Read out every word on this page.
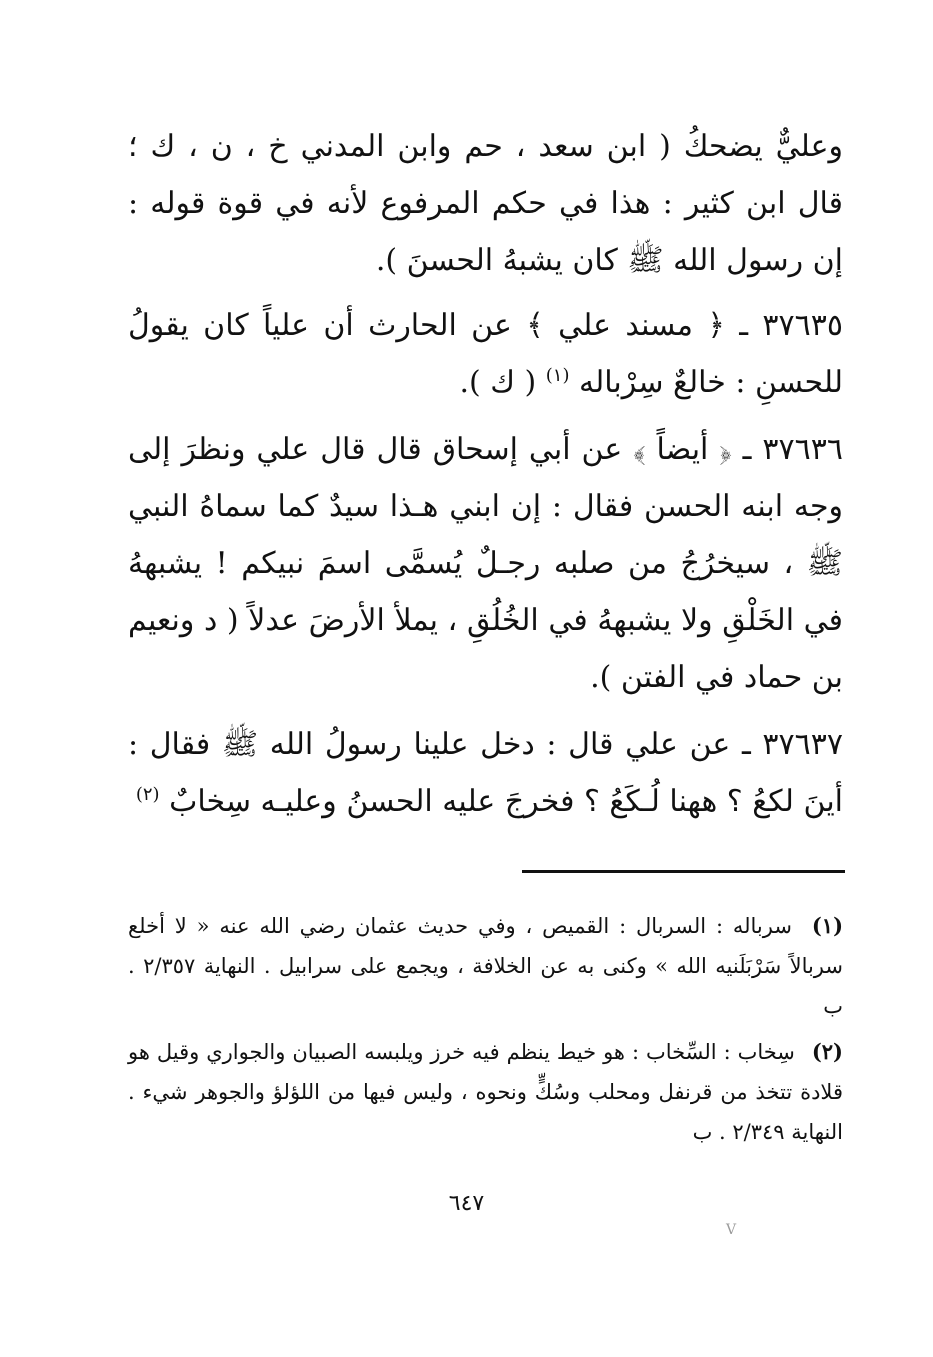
وعليٌّ يضحكُ ( ابن سعد ، حم وابن المدني خ ، ن ، ك ؛ قال ابن كثير : هذا في حكم المرفوع لأنه في قوة قوله : إن رسول الله ﷺ كان يشبهُ الحسنَ ).

٣٧٦٣٥ ـ ﴿ مسند علي ﴾ عن الحارث أن علياً كان يقولُ للحسنِ : خالعٌ سِرْباله $^{(١)}$ ( ك ).

٣٧٦٣٦ ـ ﴿ أيضاً ﴾ عن أبي إسحاق قال قال علي ونظرَ إلى وجه ابنه الحسن فقال : إن ابني هـذا سيدٌ كما سماهُ النبي ﷺ ، سيخرُجُ من صلبه رجـلٌ يُسمَّى اسمَ نبيكم ! يشبههُ في الخَلْقِ ولا يشبههُ في الخُلُقِ ، يملأ الأرضَ عدلاً ( د ونعيم بن حماد في الفتن ).

٣٧٦٣٧ ـ عن علي قال : دخل علينا رسولُ الله ﷺ فقال : أينَ لكعُ ؟ ههنا لُـكَعُ ؟ فخرجَ عليه الحسنُ وعليـه سِخابٌ $^{(٢)}$

(١) سرباله : السربال : القميص ، وفي حديث عثمان رضي الله عنه « لا أخلع سربالاً سَرْبَلَنيه الله » وكنى به عن الخلافة ، ويجمع على سرابيل . النهاية ٢/٣٥٧ . ب

(٢) سِخاب : السِّخاب : هو خيط ينظم فيه خرز ويلبسه الصبيان والجواري وقيل هو قلادة تتخذ من قرنفل ومحلب وسُكٍّ ونحوه ، وليس فيها من اللؤلؤ والجوهر شيء . النهاية ٢/٣٤٩ . ب

٦٤٧
V
